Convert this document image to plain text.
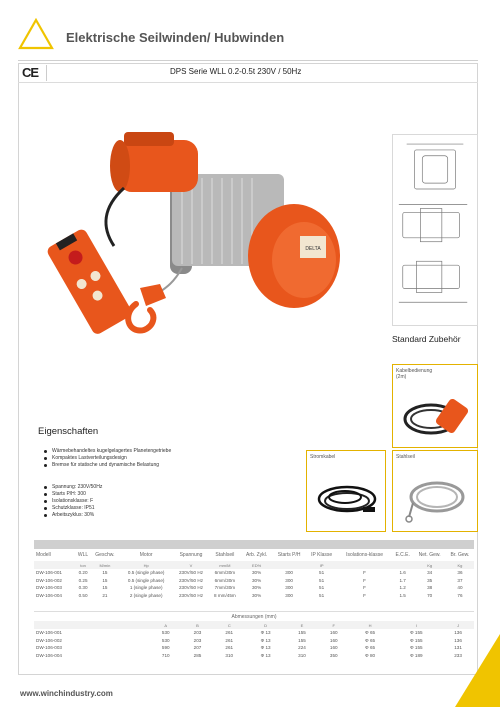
Elektrische Seilwinden/ Hubwinden
CE	DPS Serie WLL 0.2-0.5t 230V / 50Hz
DELTA
Standard Zubehör
Kabelbedienung (2m)
Stromkabel	Stahlseil
Eigenschaften
Wärmebehandeltes kugelgelagertes Planetengetriebe
Kompaktes Lastverteilungsdesign
Bremse für statische und dynamische Belastung
Spannung: 230V/50Hz
Starts P/H: 300
Isolationsklasse: F
Schutzklasse: IP51
Arbeitszyklus: 30%
Modell	WLL	Geschw.	Motor	Spannung	Stahlseil	Arb. Zykl.	Starts P/H	IP Klasse	Isolations-klasse	E.C.E.	Net. Gew.	Br. Gew.
	ton	M/min	Hp	V	mm/M	ED%		IP			Kg	Kg
DW-106-001	0.20	15	0.5 (single phase)	230V/50 Hz	6mm/30m	30%	300	51	F	1.6	34	36
DW-106-002	0.25	15	0.5 (single phase)	230V/50 Hz	6mm/30m	30%	300	51	F	1.7	35	37
DW-106-003	0.30	15	1 (single phase)	230V/50 Hz	7mm/30m	30%	300	51	F	1.2	38	40
DW-106-004	0.50	21	2 (single phase)	230V/50 Hz	8 mm/45m	30%	300	51	F	1.5	70	76
Abmessungen (mm)									
	A	B	C	D	E	F	H	I	J
DW-106-001	530	203	261	Ф 13	155	160	Ф 65	Ф 155	136
DW-106-002	530	203	261	Ф 13	155	160	Ф 65	Ф 155	136
DW-106-003	590	207	261	Ф 13	224	160	Ф 65	Ф 155	131
DW-106-004	710	285	310	Ф 13	310	350	Ф 80	Ф 189	233
www.winchindustry.com
